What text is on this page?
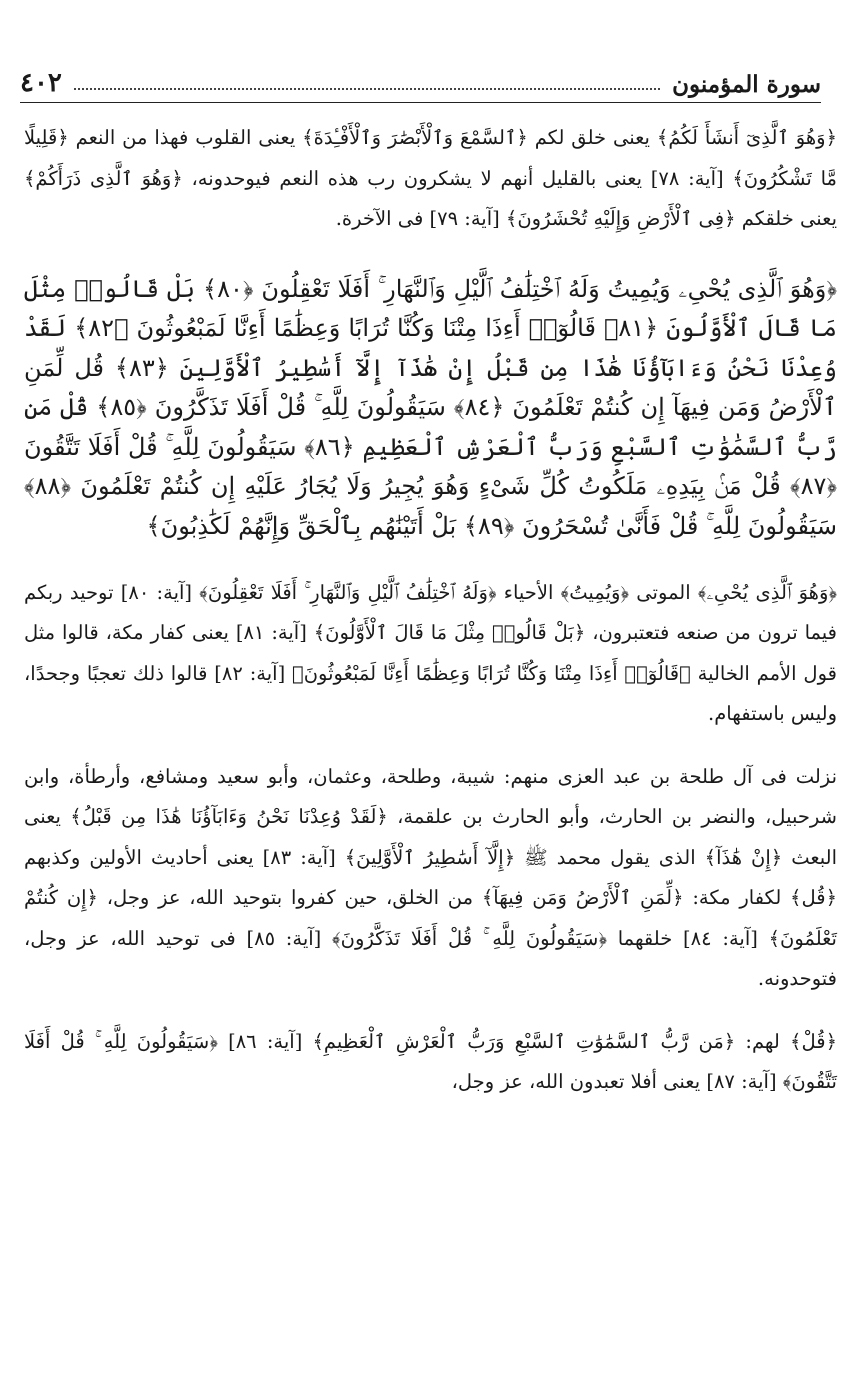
سورة المؤمنون
٤٠٢

﴿وَهُوَ ٱلَّذِىٓ أَنشَأَ لَكُمُ﴾ يعنى خلق لكم ﴿ٱلسَّمْعَ وَٱلْأَبْصَٰرَ وَٱلْأَفْـِٔدَةَ﴾ يعنى القلوب فهذا من النعم ﴿قَلِيلًا مَّا تَشْكُرُونَ﴾ [آية: ٧٨] يعنى بالقليل أنهم لا يشكرون رب هذه النعم فيوحدونه، ﴿وَهُوَ ٱلَّذِى ذَرَأَكُمْ﴾ يعنى خلقكم ﴿فِى ٱلْأَرْضِ وَإِلَيْهِ تُحْشَرُونَ﴾ [آية: ٧٩] فى الآخرة.

﴿وَهُوَ ٱلَّذِى يُحْىِۦ وَيُمِيتُ وَلَهُ ٱخْتِلَٰفُ ٱلَّيْلِ وَٱلنَّهَارِ ۚ أَفَلَا تَعْقِلُونَ ﴿٨٠﴾ بَلْ قَالُوا۟ مِثْلَ مَا قَالَ ٱلْأَوَّلُونَ ﴿٨١﴾ قَالُوٓا۟ أَءِذَا مِتْنَا وَكُنَّا تُرَابًا وَعِظَٰمًا أَءِنَّا لَمَبْعُوثُونَ ﴿٨٢﴾ لَقَدْ وُعِدْنَا نَحْنُ وَءَابَآؤُنَا هَٰذَا مِن قَبْلُ إِنْ هَٰذَآ إِلَّآ أَسَٰطِيرُ ٱلْأَوَّلِينَ ﴿٨٣﴾ قُل لِّمَنِ ٱلْأَرْضُ وَمَن فِيهَآ إِن كُنتُمْ تَعْلَمُونَ ﴿٨٤﴾ سَيَقُولُونَ لِلَّهِ ۚ قُلْ أَفَلَا تَذَكَّرُونَ ﴿٨٥﴾ قُلْ مَن رَّبُّ ٱلسَّمَٰوَٰتِ ٱلسَّبْعِ وَرَبُّ ٱلْعَرْشِ ٱلْعَظِيمِ ﴿٨٦﴾ سَيَقُولُونَ لِلَّهِ ۚ قُلْ أَفَلَا تَتَّقُونَ ﴿٨٧﴾ قُلْ مَنۢ بِيَدِهِۦ مَلَكُوتُ كُلِّ شَىْءٍ وَهُوَ يُجِيرُ وَلَا يُجَارُ عَلَيْهِ إِن كُنتُمْ تَعْلَمُونَ ﴿٨٨﴾ سَيَقُولُونَ لِلَّهِ ۚ قُلْ فَأَنَّىٰ تُسْحَرُونَ ﴿٨٩﴾ بَلْ أَتَيْنَٰهُم بِٱلْحَقِّ وَإِنَّهُمْ لَكَٰذِبُونَ﴾

﴿وَهُوَ ٱلَّذِى يُحْىِۦ﴾ الموتى ﴿وَيُمِيتُ﴾ الأحياء ﴿وَلَهُ ٱخْتِلَٰفُ ٱلَّيْلِ وَٱلنَّهَارِ ۚ أَفَلَا تَعْقِلُونَ﴾ [آية: ٨٠] توحيد ربكم فيما ترون من صنعه فتعتبرون، ﴿بَلْ قَالُوا۟ مِثْلَ مَا قَالَ ٱلْأَوَّلُونَ﴾ [آية: ٨١] يعنى كفار مكة، قالوا مثل قول الأمم الخالية ﴿قَالُوٓا۟ أَءِذَا مِتْنَا وَكُنَّا تُرَابًا وَعِظَٰمًا أَءِنَّا لَمَبْعُوثُونَ﴾ [آية: ٨٢] قالوا ذلك تعجبًا وجحدًا، وليس باستفهام.

نزلت فى آل طلحة بن عبد العزى منهم: شيبة، وطلحة، وعثمان، وأبو سعيد ومشافع، وأرطأة، وابن شرحبيل، والنضر بن الحارث، وأبو الحارث بن علقمة، ﴿لَقَدْ وُعِدْنَا نَحْنُ وَءَابَآؤُنَا هَٰذَا مِن قَبْلُ﴾ يعنى البعث ﴿إِنْ هَٰذَآ﴾ الذى يقول محمد ﷺ ﴿إِلَّآ أَسَٰطِيرُ ٱلْأَوَّلِينَ﴾ [آية: ٨٣] يعنى أحاديث الأولين وكذبهم ﴿قُل﴾ لكفار مكة: ﴿لِّمَنِ ٱلْأَرْضُ وَمَن فِيهَآ﴾ من الخلق، حين كفروا بتوحيد الله، عز وجل، ﴿إِن كُنتُمْ تَعْلَمُونَ﴾ [آية: ٨٤] خلقهما ﴿سَيَقُولُونَ لِلَّهِ ۚ قُلْ أَفَلَا تَذَكَّرُونَ﴾ [آية: ٨٥] فى توحيد الله، عز وجل، فتوحدونه.

﴿قُلْ﴾ لهم: ﴿مَن رَّبُّ ٱلسَّمَٰوَٰتِ ٱلسَّبْعِ وَرَبُّ ٱلْعَرْشِ ٱلْعَظِيمِ﴾ [آية: ٨٦] ﴿سَيَقُولُونَ لِلَّهِ ۚ قُلْ أَفَلَا تَتَّقُونَ﴾ [آية: ٨٧] يعنى أفلا تعبدون الله، عز وجل،
